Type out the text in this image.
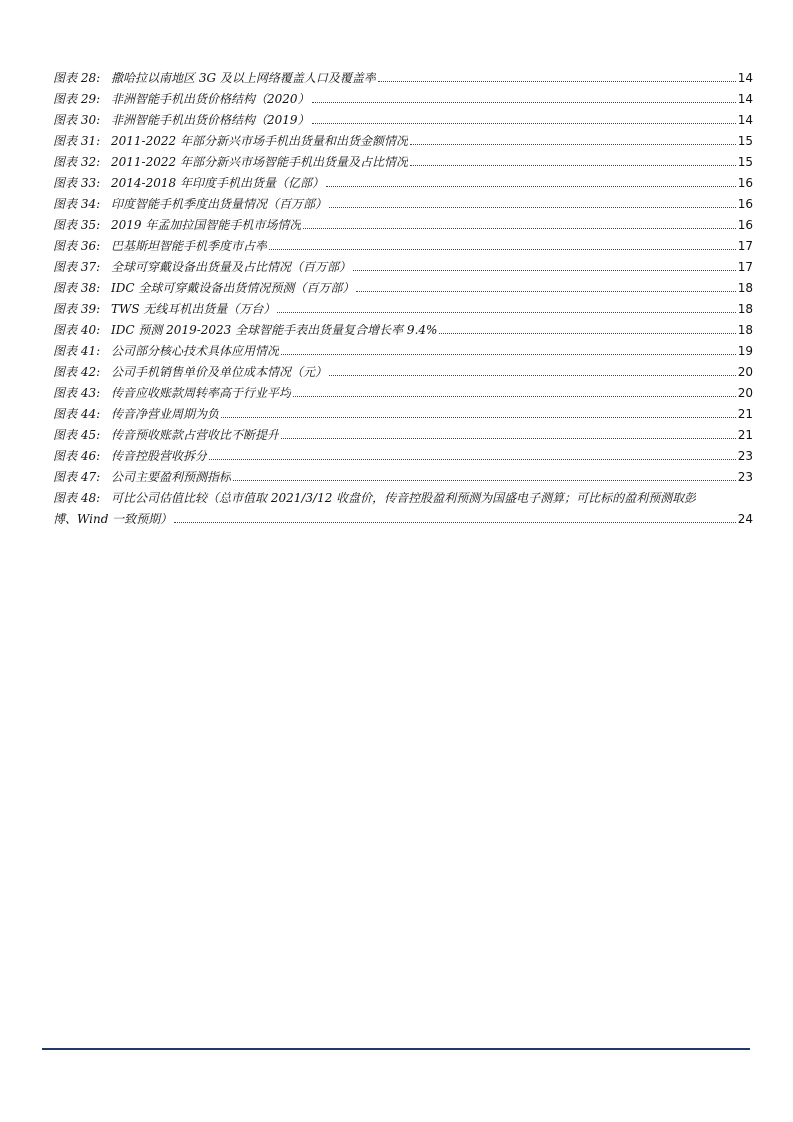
图表 28: 撒哈拉以南地区 3G 及以上网络覆盖人口及覆盖率	14
图表 29: 非洲智能手机出货价格结构（2020）	14
图表 30: 非洲智能手机出货价格结构（2019）	14
图表 31: 2011-2022 年部分新兴市场手机出货量和出货金额情况	15
图表 32: 2011-2022 年部分新兴市场智能手机出货量及占比情况	15
图表 33: 2014-2018 年印度手机出货量（亿部）	16
图表 34: 印度智能手机季度出货量情况（百万部）	16
图表 35: 2019 年孟加拉国智能手机市场情况	16
图表 36: 巴基斯坦智能手机季度市占率	17
图表 37: 全球可穿戴设备出货量及占比情况（百万部）	17
图表 38: IDC 全球可穿戴设备出货情况预测（百万部）	18
图表 39: TWS 无线耳机出货量（万台）	18
图表 40: IDC 预测 2019-2023 全球智能手表出货量复合增长率 9.4%	18
图表 41: 公司部分核心技术具体应用情况	19
图表 42: 公司手机销售单价及单位成本情况（元）	20
图表 43: 传音应收账款周转率高于行业平均	20
图表 44: 传音净营业周期为负	21
图表 45: 传音预收账款占营收比不断提升	21
图表 46: 传音控股营收拆分	23
图表 47: 公司主要盈利预测指标	23
图表 48: 可比公司估值比较（总市值取 2021/3/12 收盘价，传音控股盈利预测为国盛电子测算；可比标的盈利预测取彭
博、Wind 一致预期）	24
